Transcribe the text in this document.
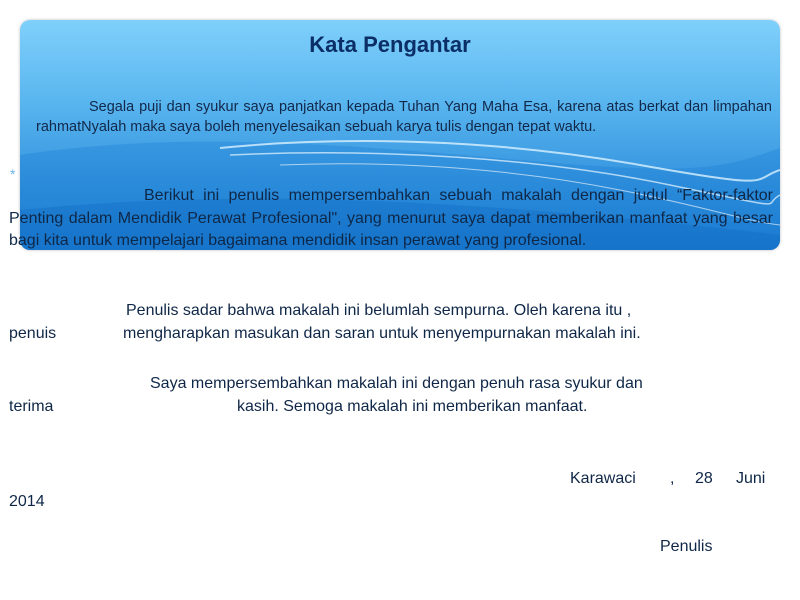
Kata Pengantar
Segala puji dan syukur saya panjatkan kepada Tuhan Yang Maha Esa, karena atas berkat dan limpahan rahmatNyalah maka saya boleh menyelesaikan sebuah karya tulis dengan tepat waktu.
*
Berikut ini penulis mempersembahkan sebuah makalah dengan judul “Faktor-faktor Penting dalam Mendidik Perawat Profesional", yang menurut saya dapat memberikan manfaat yang besar bagi kita untuk mempelajari bagaimana mendidik insan perawat yang profesional.
Penulis sadar bahwa makalah ini belumlah sempurna. Oleh karena itu ,
penuis	mengharapkan masukan dan saran untuk menyempurnakan makalah ini.
Saya mempersembahkan makalah ini dengan penuh rasa syukur dan
terima	kasih. Semoga makalah ini memberikan manfaat.
Karawaci , 28 Juni
2014
Penulis
